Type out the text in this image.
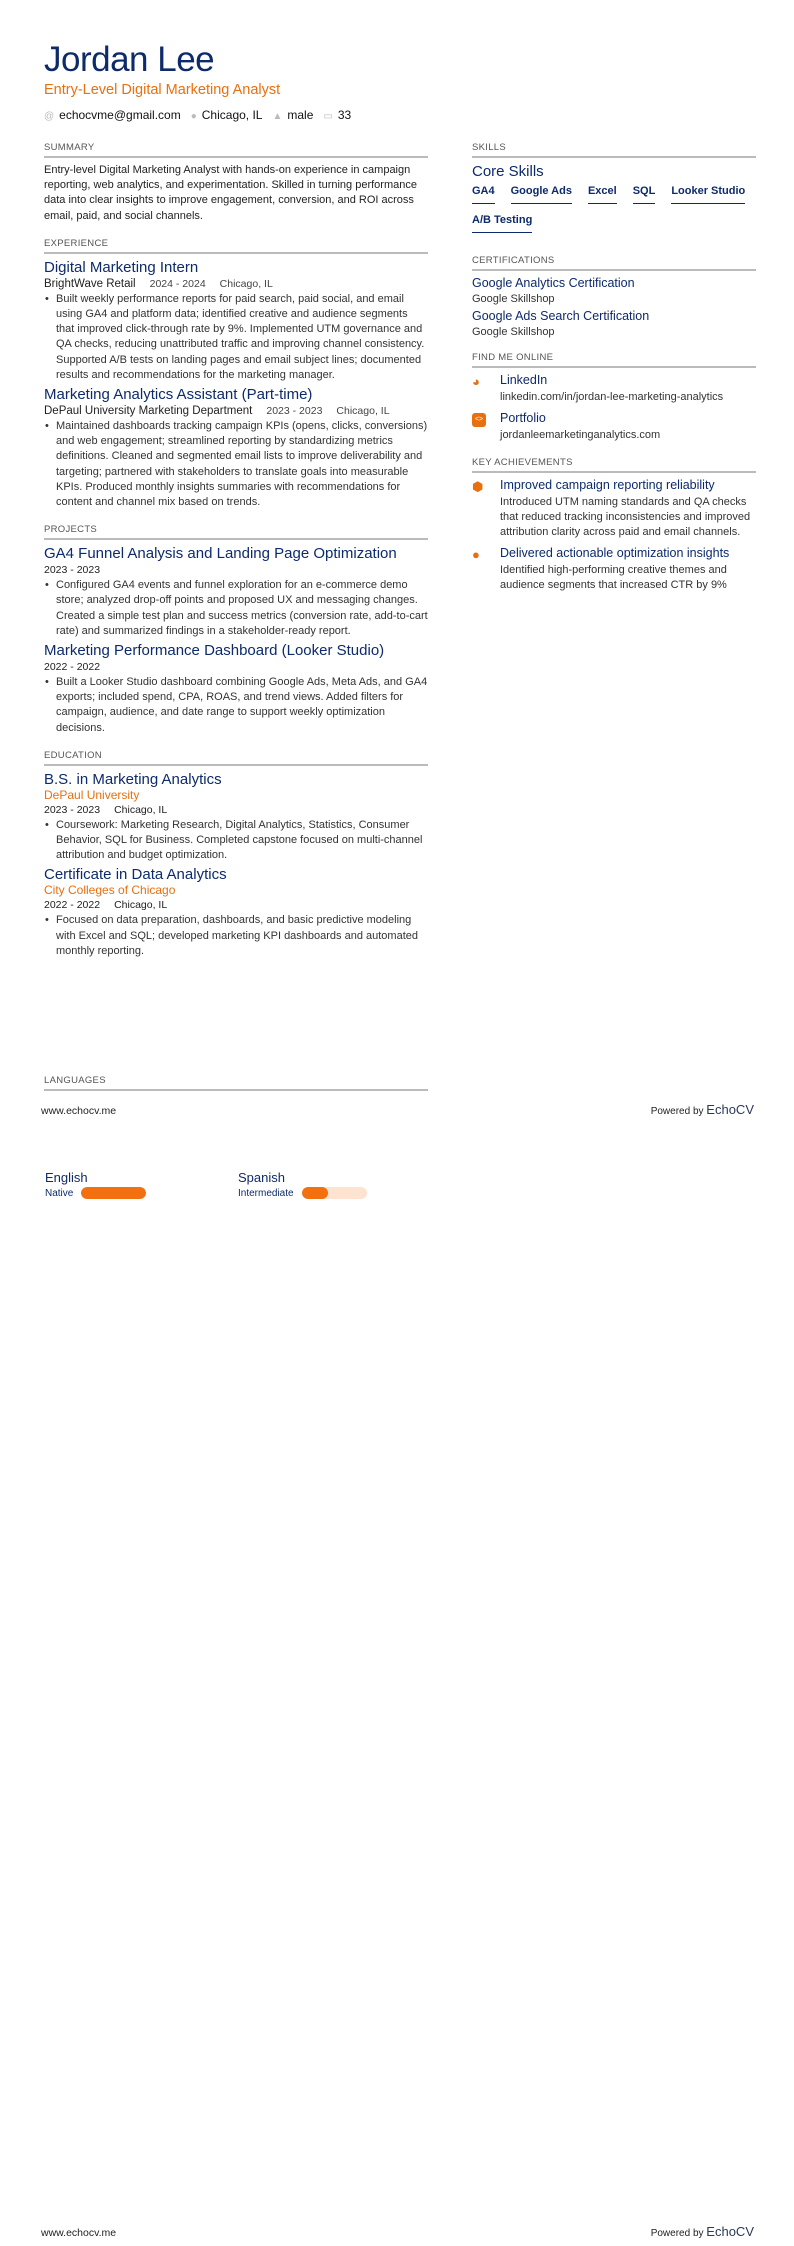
Jordan Lee
Entry-Level Digital Marketing Analyst
@ echocvme@gmail.com ● Chicago, IL ▲ male ▭ 33
SUMMARY
Entry-level Digital Marketing Analyst with hands-on experience in campaign reporting, web analytics, and experimentation. Skilled in turning performance data into clear insights to improve engagement, conversion, and ROI across email, paid, and social channels.
EXPERIENCE
Digital Marketing Intern
BrightWave Retail 2024 - 2024 Chicago, IL
• Built weekly performance reports for paid search, paid social, and email using GA4 and platform data; identified creative and audience segments that improved click-through rate by 9%. Implemented UTM governance and QA checks, reducing unattributed traffic and improving channel consistency. Supported A/B tests on landing pages and email subject lines; documented results and recommendations for the marketing manager.
Marketing Analytics Assistant (Part-time)
DePaul University Marketing Department 2023 - 2023 Chicago, IL
• Maintained dashboards tracking campaign KPIs (opens, clicks, conversions) and web engagement; streamlined reporting by standardizing metrics definitions. Cleaned and segmented email lists to improve deliverability and targeting; partnered with stakeholders to translate goals into measurable KPIs. Produced monthly insights summaries with recommendations for content and channel mix based on trends.
PROJECTS
GA4 Funnel Analysis and Landing Page Optimization
2023 - 2023
• Configured GA4 events and funnel exploration for an e-commerce demo store; analyzed drop-off points and proposed UX and messaging changes. Created a simple test plan and success metrics (conversion rate, add-to-cart rate) and summarized findings in a stakeholder-ready report.
Marketing Performance Dashboard (Looker Studio)
2022 - 2022
• Built a Looker Studio dashboard combining Google Ads, Meta Ads, and GA4 exports; included spend, CPA, ROAS, and trend views. Added filters for campaign, audience, and date range to support weekly optimization decisions.
EDUCATION
B.S. in Marketing Analytics
DePaul University
2023 - 2023 Chicago, IL
• Coursework: Marketing Research, Digital Analytics, Statistics, Consumer Behavior, SQL for Business. Completed capstone focused on multi-channel attribution and budget optimization.
Certificate in Data Analytics
City Colleges of Chicago
2022 - 2022 Chicago, IL
• Focused on data preparation, dashboards, and basic predictive modeling with Excel and SQL; developed marketing KPI dashboards and automated monthly reporting.
LANGUAGES
SKILLS
Core Skills
GA4 Google Ads Excel SQL Looker Studio
A/B Testing
CERTIFICATIONS
Google Analytics Certification
Google Skillshop
Google Ads Search Certification
Google Skillshop
FIND ME ONLINE
◕	LinkedIn
linkedin.com/in/jordan-lee-marketing-analytics
<> Portfolio
jordanleemarketinganalytics.com
KEY ACHIEVEMENTS
⬢ Improved campaign reporting reliability
Introduced UTM naming standards and QA checks that reduced tracking inconsistencies and improved attribution clarity across paid and email channels.
●	Delivered actionable optimization insights
Identified high-performing creative themes and audience segments that increased CTR by 9%
www.echocv.me	Powered by EchoCV
English
Native
Spanish
Intermediate
www.echocv.me	Powered by EchoCV
